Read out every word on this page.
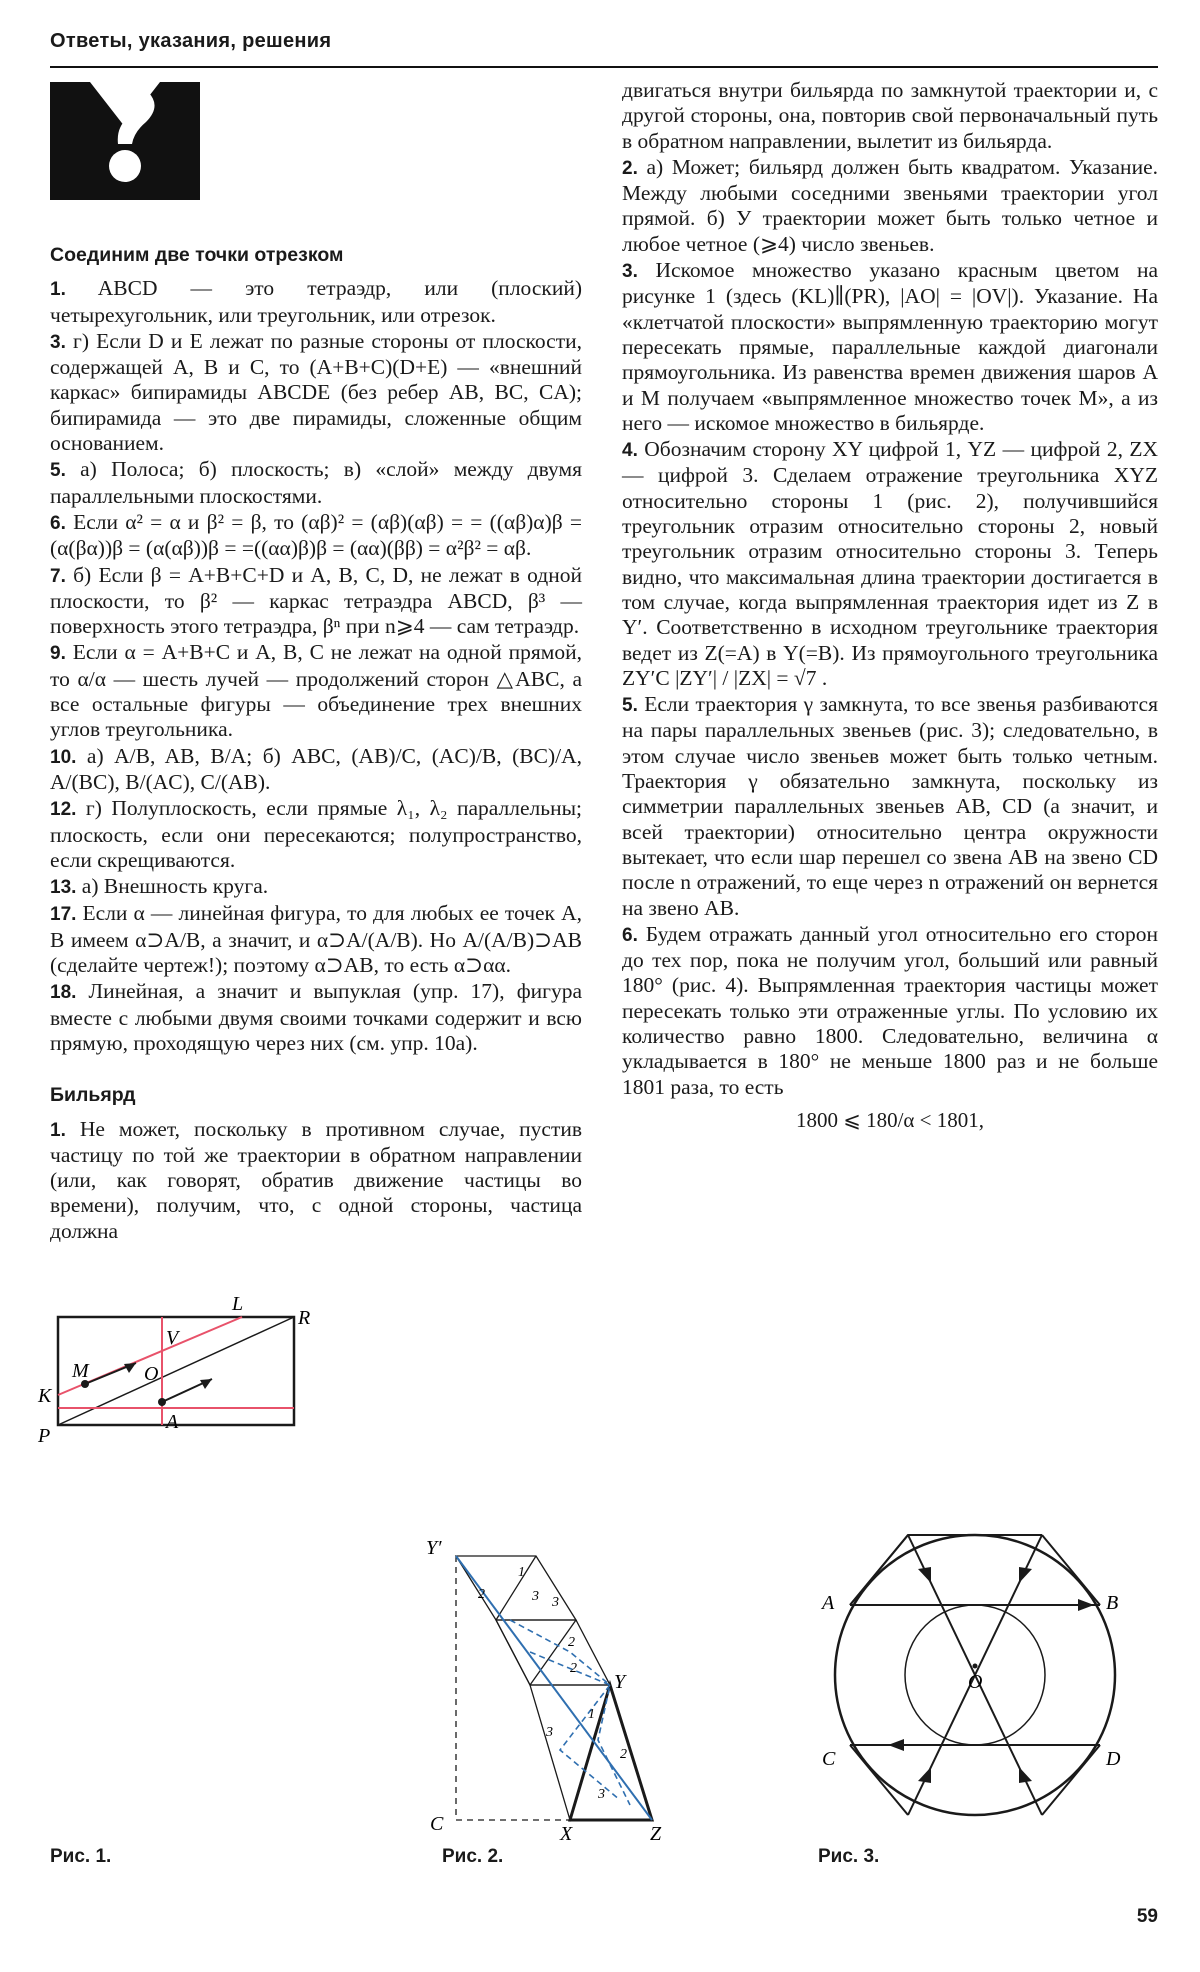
Ответы, указания, решения

Соединим две точки отрезком

1. ABCD — это тетраэдр, или (плоский) четырехугольник, или треугольник, или отрезок.

3. г) Если D и E лежат по разные стороны от плоскости, содержащей A, B и C, то (A+B+C)(D+E) — «внешний каркас» бипирамиды ABCDE (без ребер AB, BC, CA); бипирамида — это две пирамиды, сложенные общим основанием.

5. а) Полоса; б) плоскость; в) «слой» между двумя параллельными плоскостями.

6. Если α² = α и β² = β, то (αβ)² = (αβ)(αβ) = = ((αβ)α)β = (α(βα))β = (α(αβ))β = =((αα)β)β = (αα)(ββ) = α²β² = αβ.

7. б) Если β = A+B+C+D и A, B, C, D, не лежат в одной плоскости, то β² — каркас тетраэдра ABCD, β³ — поверхность этого тетраэдра, βⁿ при n⩾4 — сам тетраэдр.

9. Если α = A+B+C и A, B, C не лежат на одной прямой, то α/α — шесть лучей — продолжений сторон △ABC, а все остальные фигуры — объединение трех внешних углов треугольника.

10. а) A/B, AB, B/A; б) ABC, (AB)/C, (AC)/B, (BC)/A, A/(BC), B/(AC), C/(AB).

12. г) Полуплоскость, если прямые λ₁, λ₂ параллельны; плоскость, если они пересекаются; полупространство, если скрещиваются.

13. а) Внешность круга.

17. Если α — линейная фигура, то для любых ее точек A, B имеем α⊃A/B, а значит, и α⊃A/(A/B). Но A/(A/B)⊃AB (сделайте чертеж!); поэтому α⊃AB, то есть α⊃αα.

18. Линейная, а значит и выпуклая (упр. 17), фигура вместе с любыми двумя своими точками содержит и всю прямую, проходящую через них (см. упр. 10а).

Бильярд

1. Не может, поскольку в противном случае, пустив частицу по той же траектории в обратном направлении (или, как говорят, обратив движение частицы во времени), получим, что, с одной стороны, частица должна

двигаться внутри бильярда по замкнутой траектории и, с другой стороны, она, повторив свой первоначальный путь в обратном направлении, вылетит из бильярда.

2. а) Может; бильярд должен быть квадратом. Указание. Между любыми соседними звеньями траектории угол прямой. б) У траектории может быть только четное и любое четное (⩾4) число звеньев.

3. Искомое множество указано красным цветом на рисунке 1 (здесь (KL)∥(PR), |AO| = |OV|). Указание. На «клетчатой плоскости» выпрямленную траекторию могут пересекать прямые, параллельные каждой диагонали прямоугольника. Из равенства времен движения шаров A и M получаем «выпрямленное множество точек M», а из него — искомое множество в бильярде.

4. Обозначим сторону XY цифрой 1, YZ — цифрой 2, ZX — цифрой 3. Сделаем отражение треугольника XYZ относительно стороны 1 (рис. 2), получившийся треугольник отразим относительно стороны 2, новый треугольник отразим относительно стороны 3. Теперь видно, что максимальная длина траектории достигается в том случае, когда выпрямленная траектория идет из Z в Y′. Соответственно в исходном треугольнике траектория ведет из Z(=A) в Y(=B). Из прямоугольного треугольника ZY′C |ZY′| / |ZX| = √7 .

5. Если траектория γ замкнута, то все звенья разбиваются на пары параллельных звеньев (рис. 3); следовательно, в этом случае число звеньев может быть только четным. Траектория γ обязательно замкнута, поскольку из симметрии параллельных звеньев AB, CD (а значит, и всей траектории) относительно центра окружности вытекает, что если шар перешел со звена AB на звено CD после n отражений, то еще через n отражений он вернется на звено AB.

6. Будем отражать данный угол относительно его сторон до тех пор, пока не получим угол, больший или равный 180° (рис. 4). Выпрямленная траектория частицы может пересекать только эти отраженные углы. По условию их количество равно 1800. Следовательно, величина α укладывается в 180° не меньше 1800 раз и не больше 1801 раза, то есть

1800 ⩽ 180/α < 1801,

L
R
V
M	O
K
A
P
Рис. 1.
Y′
Y
C	X	Z
1
2	3 3
2
2
3
1
2
3
Рис. 2.
A	B
C	D
O
Рис. 3.
59
